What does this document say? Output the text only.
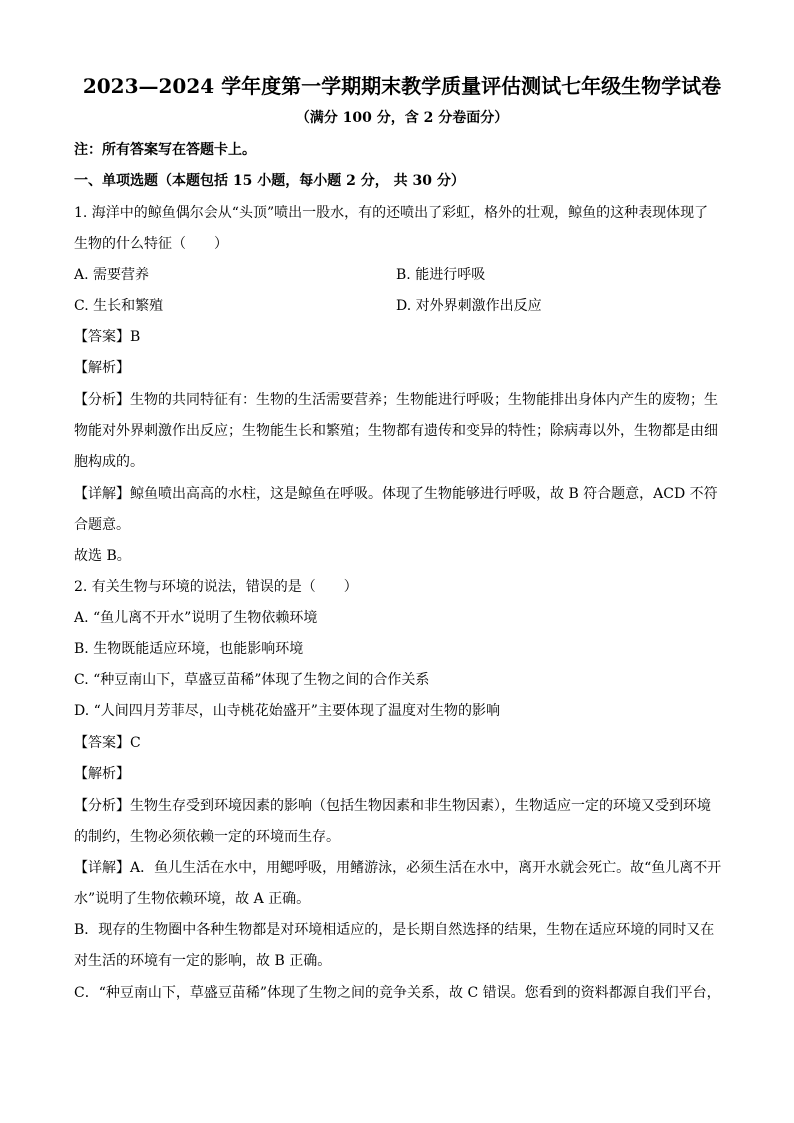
2023—2024 学年度第一学期期末教学质量评估测试七年级生物学试卷
（满分 100 分，含 2 分卷面分）
注：所有答案写在答题卡上。
一、单项选题（本题包括 15 小题，每小题 2 分， 共 30 分）
1. 海洋中的鲸鱼偶尔会从“头顶”喷出一股水，有的还喷出了彩虹，格外的壮观，鲸鱼的这种表现体现了
生物的什么特征（　　）
A. 需要营养	B. 能进行呼吸
C. 生长和繁殖	D. 对外界刺激作出反应
【答案】B
【解析】
【分析】生物的共同特征有：生物的生活需要营养；生物能进行呼吸；生物能排出身体内产生的废物；生
物能对外界刺激作出反应；生物能生长和繁殖；生物都有遗传和变异的特性；除病毒以外，生物都是由细
胞构成的。
【详解】鲸鱼喷出高高的水柱，这是鲸鱼在呼吸。体现了生物能够进行呼吸，故 B 符合题意，ACD 不符
合题意。
故选 B。
2. 有关生物与环境的说法，错误的是（　　）
A. “鱼儿离不开水”说明了生物依赖环境
B. 生物既能适应环境，也能影响环境
C. “种豆南山下，草盛豆苗稀”体现了生物之间的合作关系
D. “人间四月芳菲尽，山寺桃花始盛开”主要体现了温度对生物的影响
【答案】C
【解析】
【分析】生物生存受到环境因素的影响（包括生物因素和非生物因素），生物适应一定的环境又受到环境
的制约，生物必须依赖一定的环境而生存。
【详解】A．鱼儿生活在水中，用鳃呼吸，用鳍游泳，必须生活在水中，离开水就会死亡。故“鱼儿离不开
水”说明了生物依赖环境，故 A 正确。
B．现存的生物圈中各种生物都是对环境相适应的，是长期自然选择的结果，生物在适应环境的同时又在
对生活的环境有一定的影响，故 B 正确。
C．“种豆南山下，草盛豆苗稀”体现了生物之间的竞争关系，故 C 错误。您看到的资料都源自我们平台，
